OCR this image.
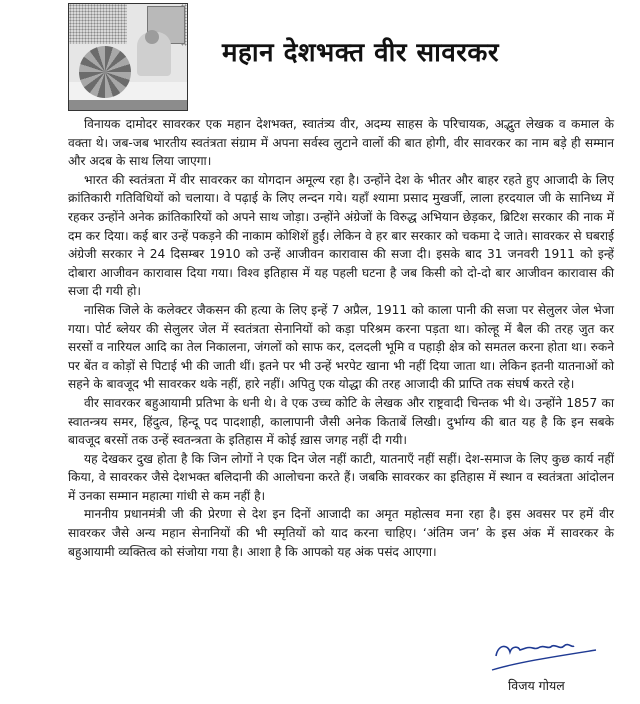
महान देशभक्त वीर सावरकर

विनायक दामोदर सावरकर एक महान देशभक्त, स्वातंत्र्य वीर, अदम्य साहस के परिचायक, अद्भुत लेखक व कमाल के वक्ता थे। जब-जब भारतीय स्वतंत्रता संग्राम में अपना सर्वस्व लुटाने वालों की बात होगी, वीर सावरकर का नाम बड़े ही सम्मान और अदब के साथ लिया जाएगा।

भारत की स्वतंत्रता में वीर सावरकर का योगदान अमूल्य रहा है। उन्होंने देश के भीतर और बाहर रहते हुए आजादी के लिए क्रांतिकारी गतिविधियों को चलाया। वे पढ़ाई के लिए लन्दन गये। यहाँ श्यामा प्रसाद मुखर्जी, लाला हरदयाल जी के सानिध्य में रहकर उन्होंने अनेक क्रांतिकारियों को अपने साथ जोड़ा। उन्होंने अंग्रेजों के विरुद्ध अभियान छेड़कर, ब्रिटिश सरकार की नाक में दम कर दिया। कई बार उन्हें पकड़ने की नाकाम कोशिशें हुईं। लेकिन वे हर बार सरकार को चकमा दे जाते। सावरकर से घबराई अंग्रेजी सरकार ने 24 दिसम्बर 1910 को उन्हें आजीवन कारावास की सजा दी। इसके बाद 31 जनवरी 1911 को इन्हें दोबारा आजीवन कारावास दिया गया। विश्व इतिहास में यह पहली घटना है जब किसी को दो-दो बार आजीवन कारावास की सजा दी गयी हो।

नासिक जिले के कलेक्टर जैकसन की हत्या के लिए इन्हें 7 अप्रैल, 1911 को काला पानी की सजा पर सेलुलर जेल भेजा गया। पोर्ट ब्लेयर की सेलुलर जेल में स्वतंत्रता सेनानियों को कड़ा परिश्रम करना पड़ता था। कोल्हू में बैल की तरह जुत कर सरसों व नारियल आदि का तेल निकालना, जंगलों को साफ कर, दलदली भूमि व पहाड़ी क्षेत्र को समतल करना होता था। रुकने पर बेंत व कोड़ों से पिटाई भी की जाती थीं। इतने पर भी उन्हें भरपेट खाना भी नहीं दिया जाता था। लेकिन इतनी यातनाओं को सहने के बावजूद भी सावरकर थके नहीं, हारे नहीं। अपितु एक योद्धा की तरह आजादी की प्राप्ति तक संघर्ष करते रहे।

वीर सावरकर बहुआयामी प्रतिभा के धनी थे। वे एक उच्च कोटि के लेखक और राष्ट्रवादी चिन्तक भी थे। उन्होंने 1857 का स्वातन्त्रय समर, हिंदुत्व, हिन्दू पद पादशाही, कालापानी जैसी अनेक किताबें लिखी। दुर्भाग्य की बात यह है कि इन सबके बावजूद बरसों तक उन्हें स्वतन्त्रता के इतिहास में कोई ख़ास जगह नहीं दी गयी।

यह देखकर दुख होता है कि जिन लोगों ने एक दिन जेल नहीं काटी, यातनाएँ नहीं सहीं। देश-समाज के लिए कुछ कार्य नहीं किया, वे सावरकर जैसे देशभक्त बलिदानी की आलोचना करते हैं। जबकि सावरकर का इतिहास में स्थान व स्वतंत्रता आंदोलन में उनका सम्मान महात्मा गांधी से कम नहीं है।

माननीय प्रधानमंत्री जी की प्रेरणा से देश इन दिनों आजादी का अमृत महोत्सव मना रहा है। इस अवसर पर हमें वीर सावरकर जैसे अन्य महान सेनानियों की भी स्मृतियों को याद करना चाहिए। ‘अंतिम जन’ के इस अंक में सावरकर के बहुआयामी व्यक्तित्व को संजोया गया है। आशा है कि आपको यह अंक पसंद आएगा।

विजय गोयल
